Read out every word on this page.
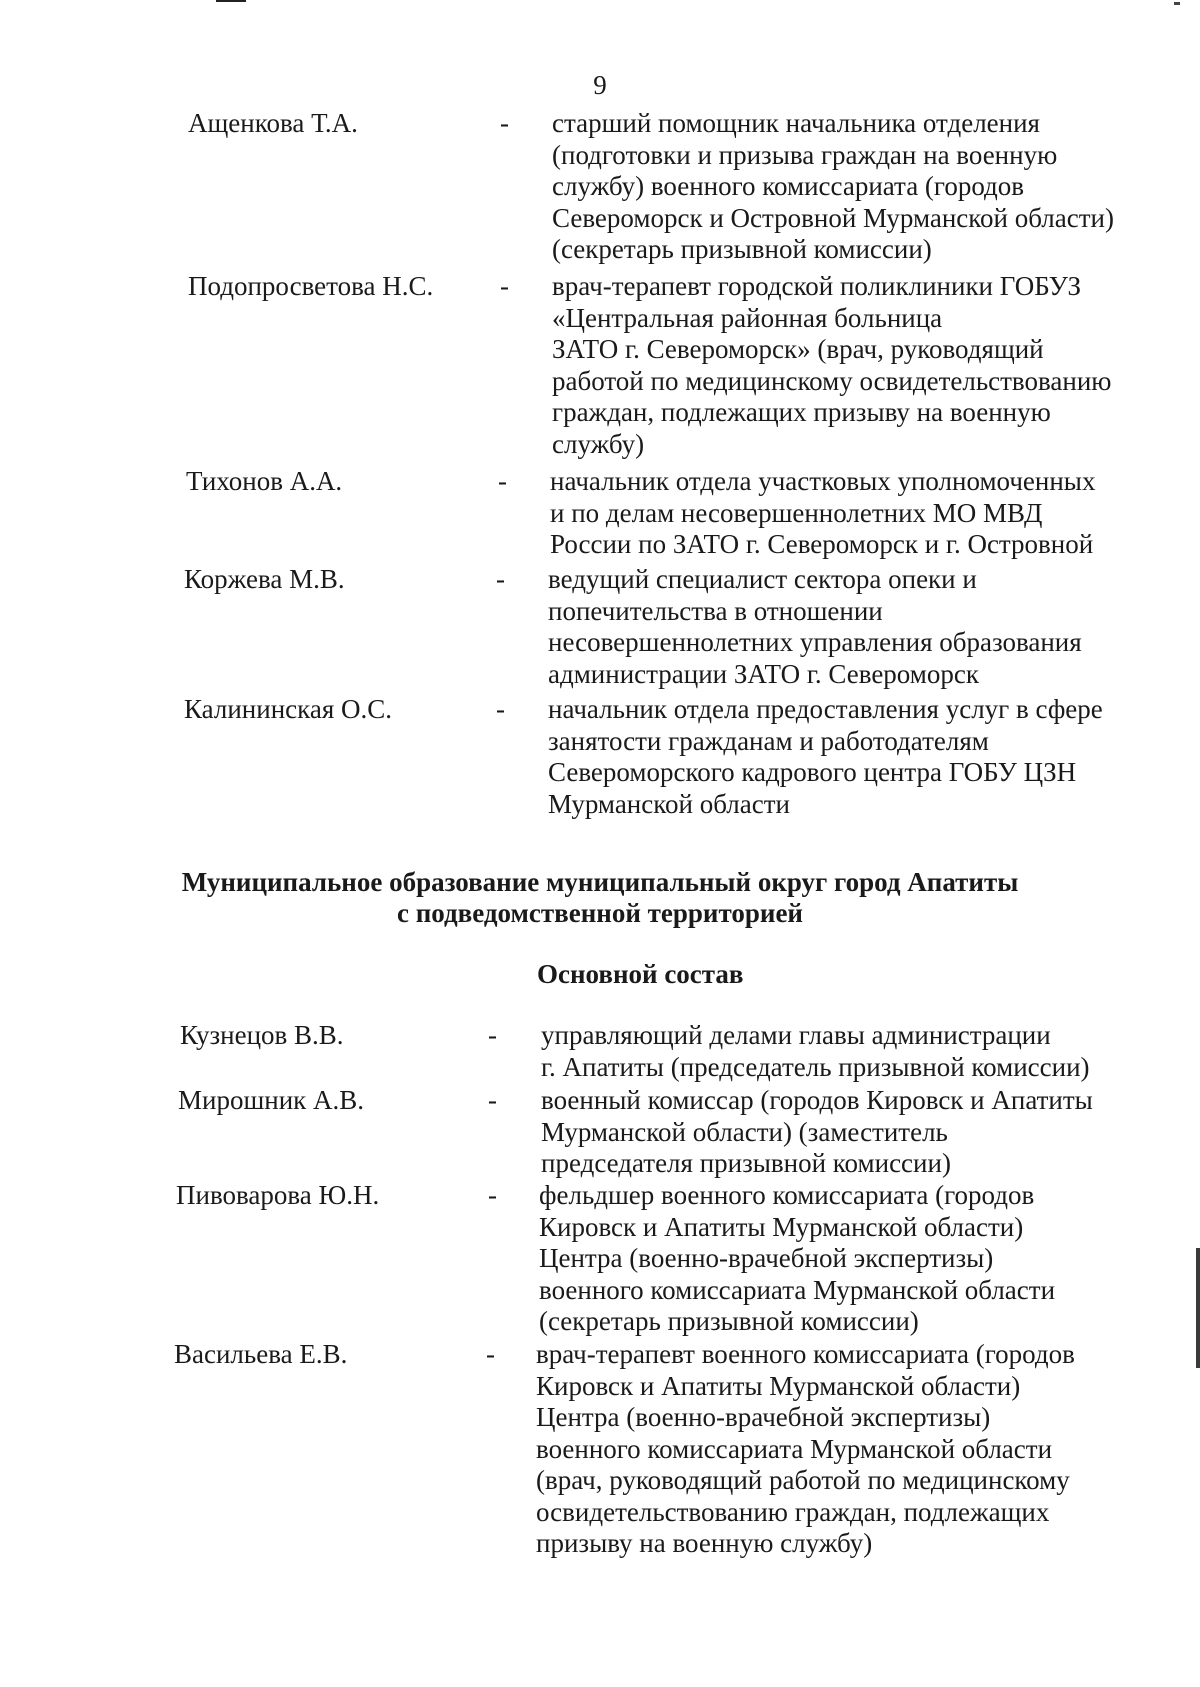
9
Ащенкова Т.А.	- старший помощник начальника отделения
(подготовки и призыва граждан на военную
службу) военного комиссариата (городов
Североморск и Островной Мурманской области)
(секретарь призывной комиссии)
Подопросветова Н.С. - врач-терапевт городской поликлиники ГОБУЗ
«Центральная районная больница
ЗАТО г. Североморск» (врач, руководящий
работой по медицинскому освидетельствованию
граждан, подлежащих призыву на военную
службу)
Тихонов А.А.	- начальник отдела участковых уполномоченных
и по делам несовершеннолетних МО МВД
России по ЗАТО г. Североморск и г. Островной
Коржева М.В.	- ведущий специалист сектора опеки и
попечительства в отношении
несовершеннолетних управления образования
администрации ЗАТО г. Североморск
Калининская О.С.	- начальник отдела предоставления услуг в сфере
занятости гражданам и работодателям
Североморского кадрового центра ГОБУ ЦЗН
Мурманской области
Муниципальное образование муниципальный округ город Апатиты
с подведомственной территорией
Основной состав
Кузнецов В.В.	- управляющий делами главы администрации
г. Апатиты (председатель призывной комиссии)
Мирошник А.В.	- военный комиссар (городов Кировск и Апатиты
Мурманской области) (заместитель
председателя призывной комиссии)
Пивоварова Ю.Н.	- фельдшер военного комиссариата (городов
Кировск и Апатиты Мурманской области)
Центра (военно-врачебной экспертизы)
военного комиссариата Мурманской области
(секретарь призывной комиссии)
Васильева Е.В.	- врач-терапевт военного комиссариата (городов
Кировск и Апатиты Мурманской области)
Центра (военно-врачебной экспертизы)
военного комиссариата Мурманской области
(врач, руководящий работой по медицинскому
освидетельствованию граждан, подлежащих
призыву на военную службу)
